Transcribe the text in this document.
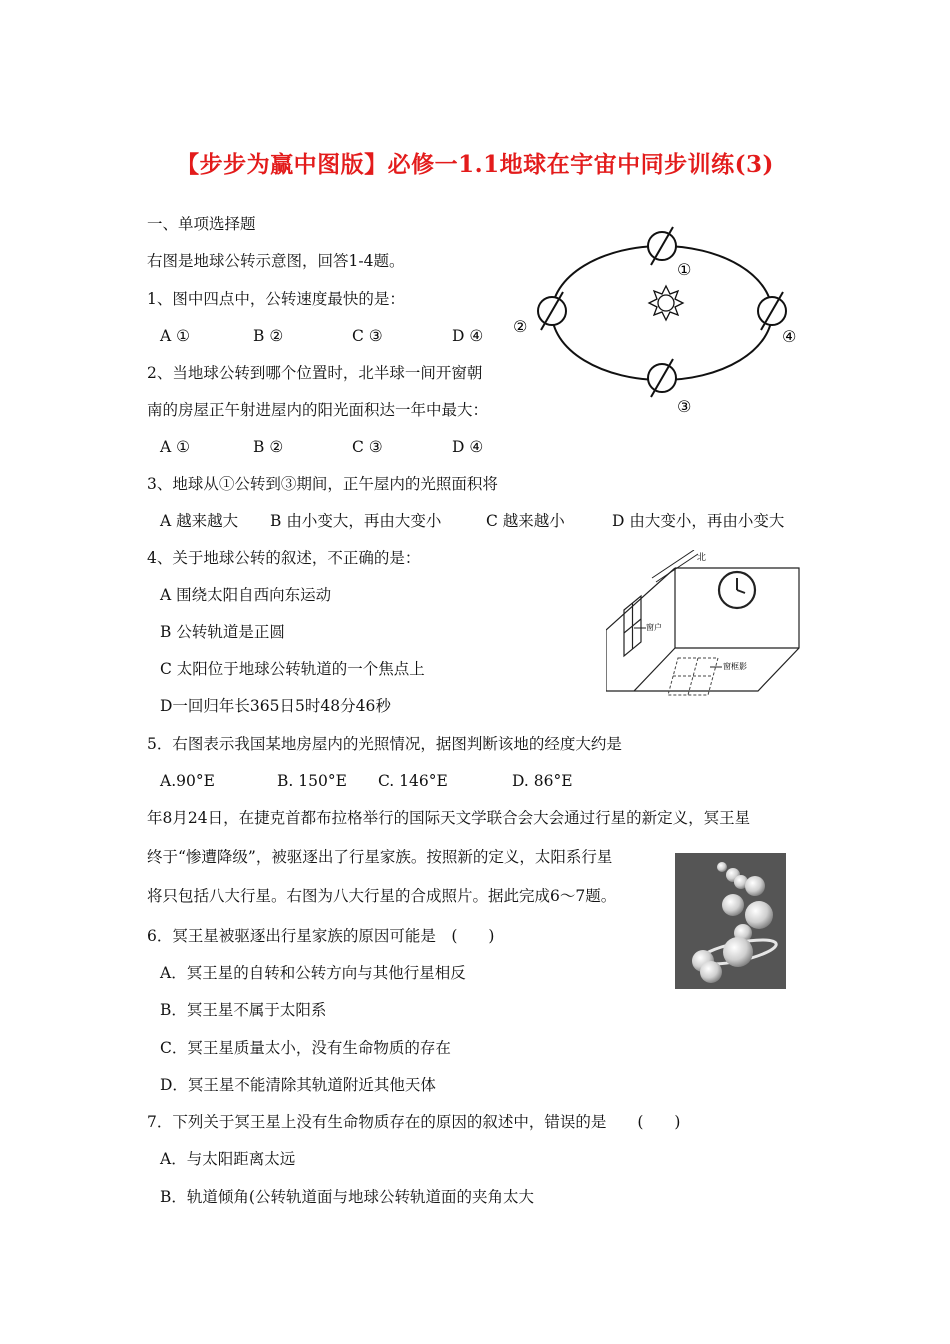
【步步为赢中图版】必修一1.1地球在宇宙中同步训练(3)
一、单项选择题
右图是地球公转示意图，回答1-4题。
1、图中四点中，公转速度最快的是：
A ①	B ②	C ③	D ④
2、当地球公转到哪个位置时，北半球一间开窗朝
南的房屋正午射进屋内的阳光面积达一年中最大：
A ①	B ②	C ③	D ④
3、地球从①公转到③期间，正午屋内的光照面积将
A 越来越大 B 由小变大，再由大变小	C 越来越小	D 由大变小，再由小变大
4、关于地球公转的叙述，不正确的是：
A 围绕太阳自西向东运动
B 公转轨道是正圆
C 太阳位于地球公转轨道的一个焦点上
D一回归年长365日5时48分46秒
5．右图表示我国某地房屋内的光照情况，据图判断该地的经度大约是
A.90°E	B. 150°E C. 146°E	D. 86°E
年8月24日，在捷克首都布拉格举行的国际天文学联合会大会通过行星的新定义，冥王星
终于“惨遭降级”，被驱逐出了行星家族。按照新的定义，太阳系行星
将只包括八大行星。右图为八大行星的合成照片。据此完成6～7题。
6．冥王星被驱逐出行星家族的原因可能是　(　　)
A．冥王星的自转和公转方向与其他行星相反
B．冥王星不属于太阳系
C．冥王星质量太小，没有生命物质的存在
D．冥王星不能清除其轨道附近其他天体
7．下列关于冥王星上没有生命物质存在的原因的叙述中，错误的是　　(　　)
A．与太阳距离太远
B．轨道倾角(公转轨道面与地球公转轨道面的夹角太大
①
②
③
④
北
窗户
窗框影
